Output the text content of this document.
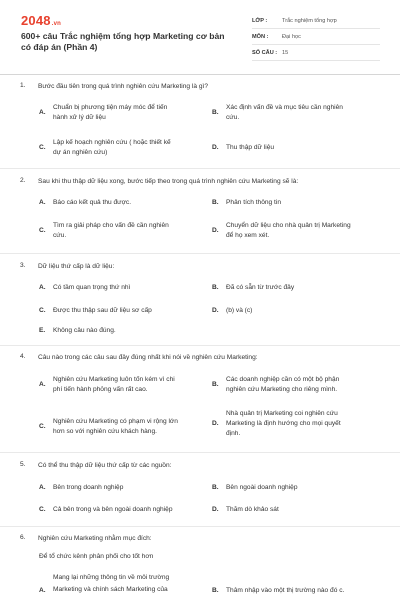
2048.vn
600+ câu Trắc nghiệm tổng hợp Marketing cơ bản có đáp án (Phần 4)
LỚP :	Trắc nghiệm tổng hợp
MÔN :	Đại học
SỐ CÂU : 15
1.	Bước đầu tiên trong quá trình nghiên cứu Marketing là gì?
A.
Chuẩn bị phương tiện máy móc để tiến
hành xử lý dữ liệu
B.
Xác định vấn đề và mục tiêu cần nghiên
cứu.
C.
Lập kế hoạch nghiên cứu ( hoặc thiết kế
dự án nghiên cứu)
D. Thu thập dữ liệu
2.	Sau khi thu thập dữ liệu xong, bước tiếp theo trong quá trình nghiên cứu Marketing sẽ là:
A. Báo cáo kết quả thu được.	B. Phân tích thông tin
C.
Tìm ra giải pháp cho vấn đề cần nghiên
cứu.
D.
Chuyển dữ liệu cho nhà quản trị Marketing
để họ xem xét.
3.	Dữ liệu thứ cấp là dữ liệu:
A. Có tầm quan trọng thứ nhì	B. Đã có sẵn từ trước đây
C. Được thu thập sau dữ liệu sơ cấp	D. (b) và (c)
E. Không câu nào đúng.
4.	Câu nào trong các câu sau đây đúng nhất khi nói về nghiên cứu Marketing:
A.
Nghiên cứu Marketing luôn tốn kém vì chi
phí tiến hành phỏng vấn rất cao.
B.
Các doanh nghiệp cần có một bộ phận
nghiên cứu Marketing cho riêng mình.
C.
Nghiên cứu Marketing có phạm vi rộng lớn
hơn so với nghiên cứu khách hàng.
D.
Nhà quản trị Marketing coi nghiên cứu
Marketing là định hướng cho mọi quyết
định.
5.	Có thể thu thập dữ liệu thứ cấp từ các nguồn:
A. Bên trong doanh nghiệp	B. Bên ngoài doanh nghiệp
C. Cả bên trong và bên ngoài doanh nghiệp	D. Thăm dò khảo sát
6.	Nghiên cứu Marketing nhằm mục đích:
Để tổ chức kênh phân phối cho tốt hơn
A.
Mang lại những thông tin về môi trường
Marketing và chính sách Marketing của	B. Thâm nhập vào một thị trường nào đó c.
